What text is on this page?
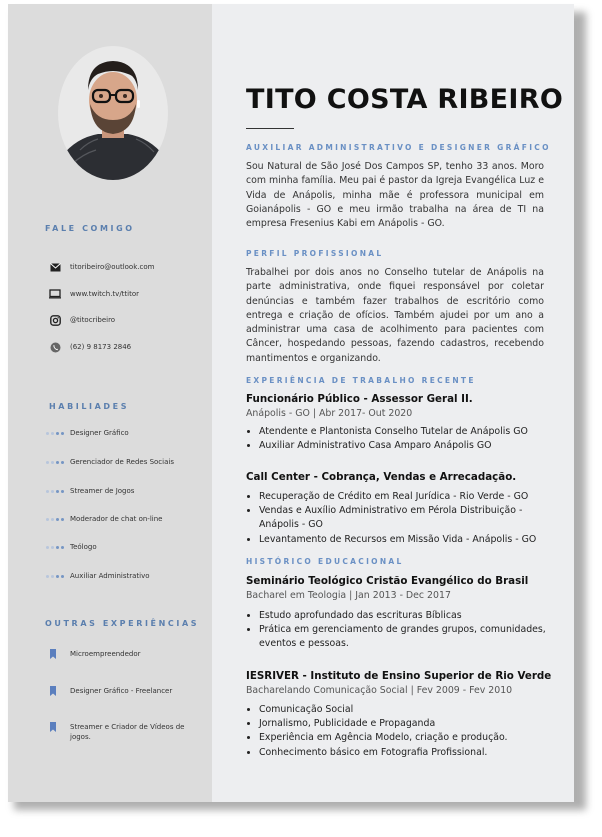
FALE COMIGO
titoribeiro@outlook.com
www.twitch.tv/ttitor
@titocribeiro
(62) 9 8173 2846
HABILIADES
Designer Gráfico
Gerenciador de Redes Sociais
Streamer de Jogos
Moderador de chat on-line
Teólogo
Auxiliar Administrativo
OUTRAS EXPERIÊNCIAS
Microempreendedor
Designer Gráfico - Freelancer
Streamer e Criador de Vídeos de jogos.
TITO COSTA RIBEIRO
AUXILIAR ADMINISTRATIVO E DESIGNER GRÁFICO
Sou Natural de São José Dos Campos SP, tenho 33 anos. Moro com minha família. Meu pai é pastor da Igreja Evangélica Luz e Vida de Anápolis, minha mãe é professora municipal em Goianápolis - GO e meu irmão trabalha na área de TI na empresa Fresenius Kabi em Anápolis - GO.
PERFIL PROFISSIONAL
Trabalhei por dois anos no Conselho tutelar de Anápolis na parte administrativa, onde fiquei responsável por coletar denúncias e também fazer trabalhos de escritório como entrega e criação de ofícios. Também ajudei por um ano a administrar uma casa de acolhimento para pacientes com Câncer, hospedando pessoas, fazendo cadastros, recebendo mantimentos e organizando.
EXPERIÊNCIA DE TRABALHO RECENTE
Funcionário Público - Assessor Geral II.
Anápolis - GO | Abr 2017- Out 2020
• Atendente e Plantonista Conselho Tutelar de Anápolis GO
• Auxiliar Administrativo Casa Amparo Anápolis GO
Call Center - Cobrança, Vendas e Arrecadação.
• Recuperação de Crédito em Real Jurídica - Rio Verde - GO
• Vendas e Auxílio Administrativo em Pérola Distribuição - Anápolis - GO
• Levantamento de Recursos em Missão Vida - Anápolis - GO
HISTÓRICO EDUCACIONAL
Seminário Teológico Cristão Evangélico do Brasil
Bacharel em Teologia | Jan 2013 - Dec 2017
• Estudo aprofundado das escrituras Bíblicas
• Prática em gerenciamento de grandes grupos, comunidades, eventos e pessoas.
IESRIVER - Instituto de Ensino Superior de Rio Verde
Bacharelando Comunicação Social | Fev 2009 - Fev 2010
• Comunicação Social
• Jornalismo, Publicidade e Propaganda
• Experiência em Agência Modelo, criação e produção.
• Conhecimento básico em Fotografia Profissional.
